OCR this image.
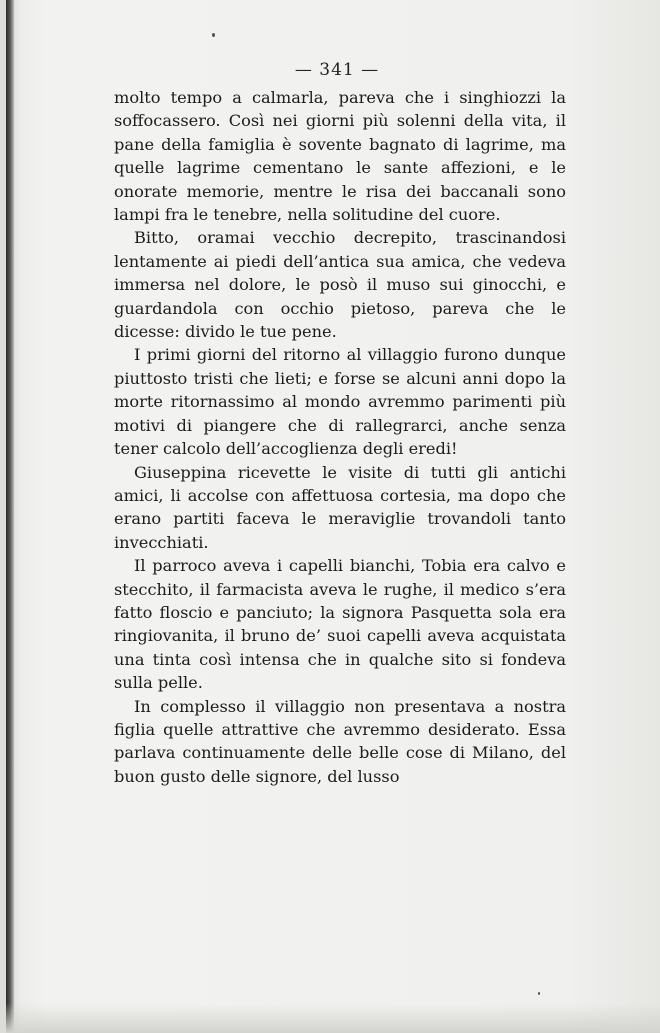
— 341 —

molto tempo a calmarla, pareva che i singhiozzi la soffocassero. Così nei giorni più solenni della vita, il pane della famiglia è sovente bagnato di lagrime, ma quelle lagrime cementano le sante affezioni, e le onorate memorie, mentre le risa dei baccanali sono lampi fra le tenebre, nella solitudine del cuore.

Bitto, oramai vecchio decrepito, trascinandosi lentamente ai piedi dell’antica sua amica, che vedeva immersa nel dolore, le posò il muso sui ginocchi, e guardandola con occhio pietoso, pareva che le dicesse: divido le tue pene.

I primi giorni del ritorno al villaggio furono dunque piuttosto tristi che lieti; e forse se alcuni anni dopo la morte ritornassimo al mondo avremmo parimenti più motivi di piangere che di rallegrarci, anche senza tener calcolo dell’accoglienza degli eredi!

Giuseppina ricevette le visite di tutti gli antichi amici, li accolse con affettuosa cortesia, ma dopo che erano partiti faceva le meraviglie trovandoli tanto invecchiati.

Il parroco aveva i capelli bianchi, Tobia era calvo e stecchito, il farmacista aveva le rughe, il medico s’era fatto floscio e panciuto; la signora Pasquetta sola era ringiovanita, il bruno de’ suoi capelli aveva acquistata una tinta così intensa che in qualche sito si fondeva sulla pelle.

In complesso il villaggio non presentava a nostra figlia quelle attrattive che avremmo desiderato. Essa parlava continuamente delle belle cose di Milano, del buon gusto delle signore, del lusso
